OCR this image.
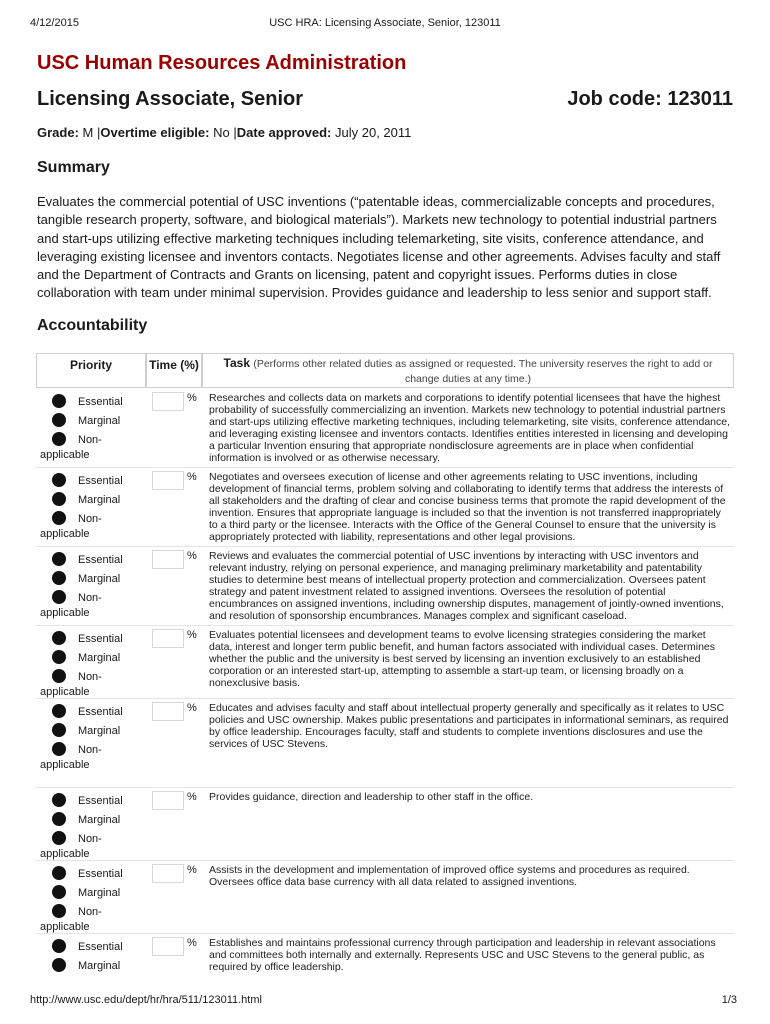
4/12/2015	USC HRA: Licensing Associate, Senior, 123011
USC Human Resources Administration
Licensing Associate, Senior	Job code: 123011
Grade: M |Overtime eligible: No |Date approved: July 20, 2011
Summary
Evaluates the commercial potential of USC inventions (“patentable ideas, commercializable concepts and procedures, tangible research property, software, and biological materials”). Markets new technology to potential industrial partners and start-ups utilizing effective marketing techniques including telemarketing, site visits, conference attendance, and leveraging existing licensee and inventors contacts. Negotiates license and other agreements. Advises faculty and staff and the Department of Contracts and Grants on licensing, patent and copyright issues. Performs duties in close collaboration with team under minimal supervision. Provides guidance and leadership to less senior and support staff.
Accountability
Priority	Time (%)	Task (Performs other related duties as assigned or requested. The university reserves the right to add or change duties at any time.)
Essential
Marginal
Non-
applicable
% Researches and collects data on markets and corporations to identify potential licensees that have the highest probability of successfully commercializing an invention. Markets new technology to potential industrial partners and start-ups utilizing effective marketing techniques, including telemarketing, site visits, conference attendance, and leveraging existing licensee and inventors contacts. Identifies entities interested in licensing and developing a particular Invention ensuring that appropriate nondisclosure agreements are in place when confidential information is involved or as otherwise necessary.
Essential
Marginal
Non-
applicable
% Negotiates and oversees execution of license and other agreements relating to USC inventions, including development of financial terms, problem solving and collaborating to identify terms that address the interests of all stakeholders and the drafting of clear and concise business terms that promote the rapid development of the invention. Ensures that appropriate language is included so that the invention is not transferred inappropriately to a third party or the licensee. Interacts with the Office of the General Counsel to ensure that the university is appropriately protected with liability, representations and other legal provisions.
Essential
Marginal
Non-
applicable
% Reviews and evaluates the commercial potential of USC inventions by interacting with USC inventors and relevant industry, relying on personal experience, and managing preliminary marketability and patentability studies to determine best means of intellectual property protection and commercialization. Oversees patent strategy and patent investment related to assigned inventions. Oversees the resolution of potential encumbrances on assigned inventions, including ownership disputes, management of jointly-owned inventions, and resolution of sponsorship encumbrances. Manages complex and significant caseload.
Essential
Marginal
Non-
applicable
% Evaluates potential licensees and development teams to evolve licensing strategies considering the market data, interest and longer term public benefit, and human factors associated with individual cases. Determines whether the public and the university is best served by licensing an invention exclusively to an established corporation or an interested start-up, attempting to assemble a start-up team, or licensing broadly on a nonexclusive basis.
Essential
Marginal
Non-
applicable
% Educates and advises faculty and staff about intellectual property generally and specifically as it relates to USC policies and USC ownership. Makes public presentations and participates in informational seminars, as required by office leadership. Encourages faculty, staff and students to complete inventions disclosures and use the services of USC Stevens.
Essential
Marginal
Non-
applicable
% Provides guidance, direction and leadership to other staff in the office.
Essential
Marginal
Non-
applicable
% Assists in the development and implementation of improved office systems and procedures as required. Oversees office data base currency with all data related to assigned inventions.
Essential
Marginal
% Establishes and maintains professional currency through participation and leadership in relevant associations and committees both internally and externally. Represents USC and USC Stevens to the general public, as required by office leadership.
http://www.usc.edu/dept/hr/hra/511/123011.html	1/3
